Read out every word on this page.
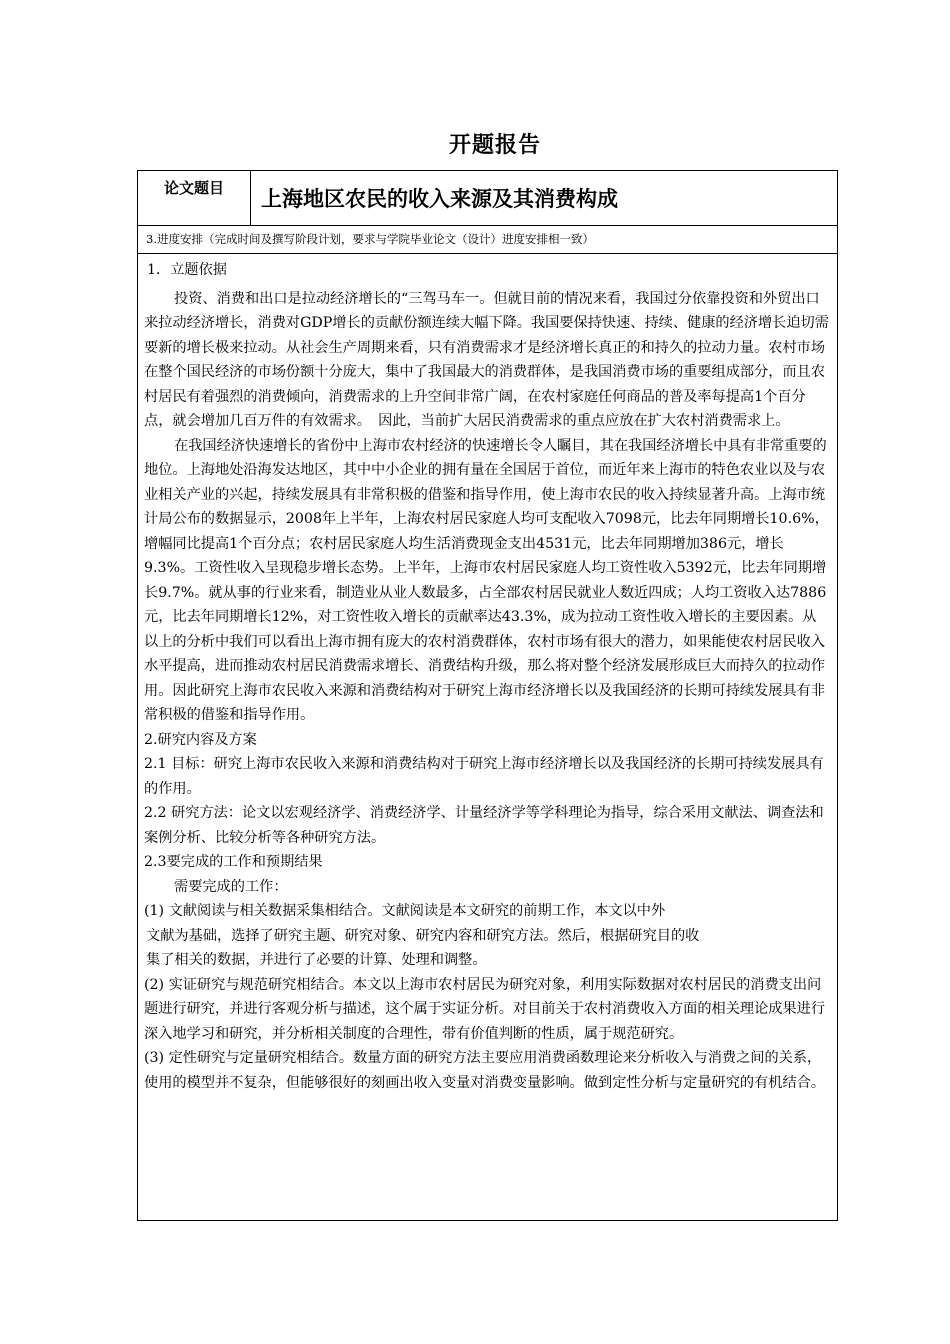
开题报告
论文题目	上海地区农民的收入来源及其消费构成
3.进度安排（完成时间及撰写阶段计划，要求与学院毕业论文（设计）进度安排相一致）

1．立题依据

投资、消费和出口是拉动经济增长的“三驾马车一。但就目前的情况来看，我国过分依靠投资和外贸出口来拉动经济增长，消费对GDP增长的贡献份额连续大幅下降。我国要保持快速、持续、健康的经济增长迫切需要新的增长极来拉动。从社会生产周期来看，只有消费需求才是经济增长真正的和持久的拉动力量。农村市场在整个国民经济的市场份额十分庞大，集中了我国最大的消费群体，是我国消费市场的重要组成部分，而且农村居民有着强烈的消费倾向，消费需求的上升空间非常广阔，在农村家庭任何商品的普及率每提高1个百分点，就会增加几百万件的有效需求。　因此，当前扩大居民消费需求的重点应放在扩大农村消费需求上。

在我国经济快速增长的省份中上海市农村经济的快速增长令人瞩目，其在我国经济增长中具有非常重要的地位。上海地处沿海发达地区，其中中小企业的拥有量在全国居于首位，而近年来上海市的特色农业以及与农业相关产业的兴起，持续发展具有非常积极的借鉴和指导作用，使上海市农民的收入持续显著升高。上海市统计局公布的数据显示，2008年上半年，上海农村居民家庭人均可支配收入7098元，比去年同期增长10.6%，增幅同比提高1个百分点；农村居民家庭人均生活消费现金支出4531元，比去年同期增加386元，增长9.3%。工资性收入呈现稳步增长态势。上半年，上海市农村居民家庭人均工资性收入5392元，比去年同期增长9.7%。就从事的行业来看，制造业从业人数最多，占全部农村居民就业人数近四成；人均工资收入达7886元，比去年同期增长12%，对工资性收入增长的贡献率达43.3%，成为拉动工资性收入增长的主要因素。从以上的分析中我们可以看出上海市拥有庞大的农村消费群体，农村市场有很大的潜力，如果能使农村居民收入水平提高，进而推动农村居民消费需求增长、消费结构升级，那么将对整个经济发展形成巨大而持久的拉动作用。因此研究上海市农民收入来源和消费结构对于研究上海市经济增长以及我国经济的长期可持续发展具有非常积极的借鉴和指导作用。

2.研究内容及方案

2.1 目标：研究上海市农民收入来源和消费结构对于研究上海市经济增长以及我国经济的长期可持续发展具有的作用。

2.2 研究方法：论文以宏观经济学、消费经济学、计量经济学等学科理论为指导，综合采用文献法、调查法和案例分析、比较分析等各种研究方法。

2.3要完成的工作和预期结果

需要完成的工作：

(1) 文献阅读与相关数据采集相结合。文献阅读是本文研究的前期工作，本文以中外

文献为基础，选择了研究主题、研究对象、研究内容和研究方法。然后，根据研究目的收

集了相关的数据，并进行了必要的计算、处理和调整。

(2) 实证研究与规范研究相结合。本文以上海市农村居民为研究对象，利用实际数据对农村居民的消费支出问题进行研究，并进行客观分析与描述，这个属于实证分析。对目前关于农村消费收入方面的相关理论成果进行深入地学习和研究，并分析相关制度的合理性，带有价值判断的性质，属于规范研究。

(3) 定性研究与定量研究相结合。数量方面的研究方法主要应用消费函数理论来分析收入与消费之间的关系，使用的模型并不复杂，但能够很好的刻画出收入变量对消费变量影响。做到定性分析与定量研究的有机结合。
